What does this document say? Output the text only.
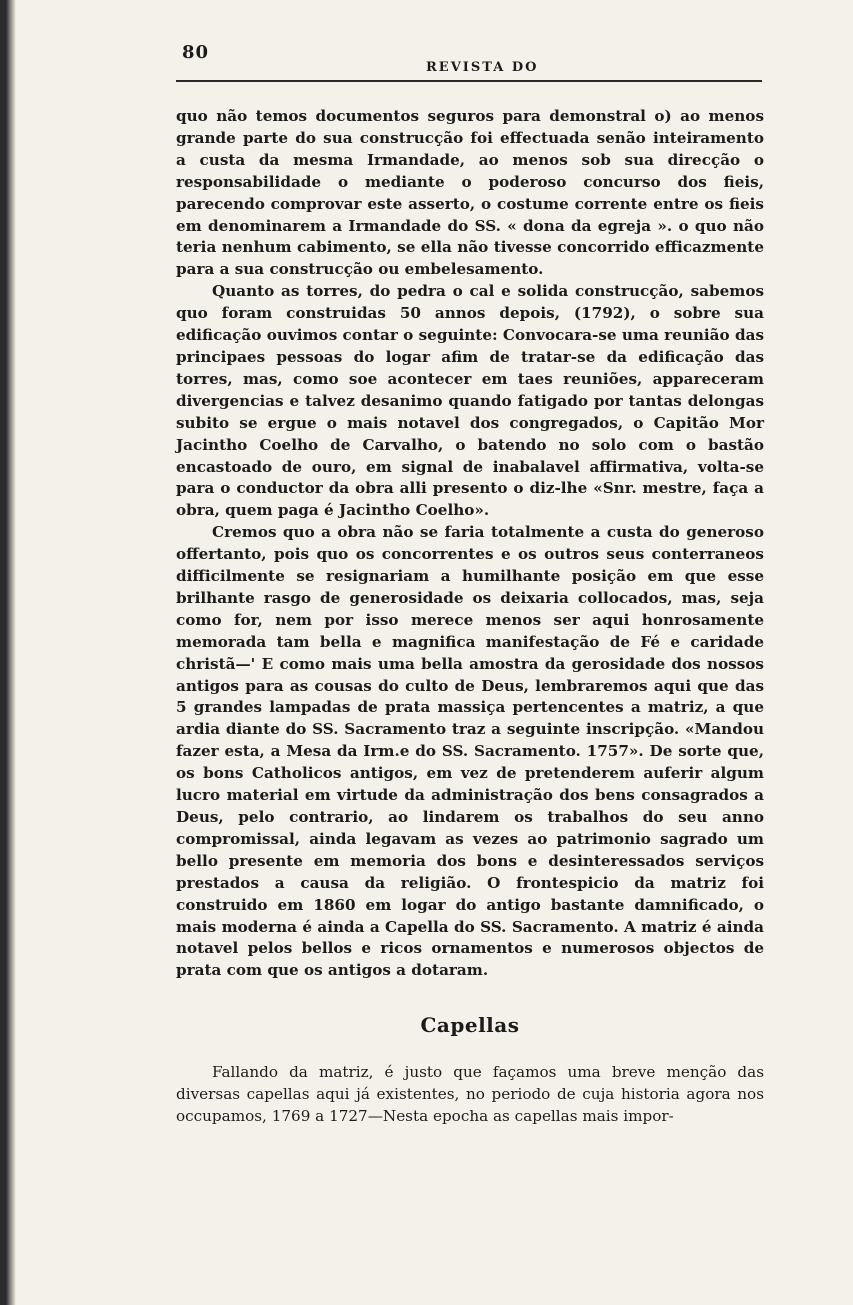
80
REVISTA DO

quo não temos documentos seguros para demonstral o) ao menos grande parte do sua construcção foi effectuada senão inteiramento a custa da mesma Irmandade, ao menos sob sua direcção o responsabilidade o mediante o poderoso concurso dos fieis, parecendo comprovar este asserto, o costume corrente entre os fieis em denominarem a Irmandade do SS. « dona da egreja ». o quo não teria nenhum cabimento, se ella não tivesse concorrido efficazmente para a sua construcção ou embelesamento.

Quanto as torres, do pedra o cal e solida construcção, sabemos quo foram construidas 50 annos depois, (1792), o sobre sua edificação ouvimos contar o seguinte: Convocara-se uma reunião das principaes pessoas do logar afim de tratar-se da edificação das torres, mas, como soe acontecer em taes reuniões, appareceram divergencias e talvez desanimo quando fatigado por tantas delongas subito se ergue o mais notavel dos congregados, o Capitão Mor Jacintho Coelho de Carvalho, o batendo no solo com o bastão encastoado de ouro, em signal de inabalavel affirmativa, volta-se para o conductor da obra alli presento o diz-lhe «Snr. mestre, faça a obra, quem paga é Jacintho Coelho».

Cremos quo a obra não se faria totalmente a custa do generoso offertanto, pois quo os concorrentes e os outros seus conterraneos difficilmente se resignariam a humilhante posição em que esse brilhante rasgo de generosidade os deixaria collocados, mas, seja como for, nem por isso merece menos ser aqui honrosamente memorada tam bella e magnifica manifestação de Fé e caridade christã—' E como mais uma bella amostra da gerosidade dos nossos antigos para as cousas do culto de Deus, lembraremos aqui que das 5 grandes lampadas de prata massiça pertencentes a matriz, a que ardia diante do SS. Sacramento traz a seguinte inscripção. «Mandou fazer esta, a Mesa da Irm.e do SS. Sacramento. 1757». De sorte que, os bons Catholicos antigos, em vez de pretenderem auferir algum lucro material em virtude da administração dos bens consagrados a Deus, pelo contrario, ao lindarem os trabalhos do seu anno compromissal, ainda legavam as vezes ao patrimonio sagrado um bello presente em memoria dos bons e desinteressados serviços prestados a causa da religião. O frontespicio da matriz foi construido em 1860 em logar do antigo bastante damnificado, o mais moderna é ainda a Capella do SS. Sacramento. A matriz é ainda notavel pelos bellos e ricos ornamentos e numerosos objectos de prata com que os antigos a dotaram.

Capellas

Fallando da matriz, é justo que façamos uma breve menção das diversas capellas aqui já existentes, no periodo de cuja historia agora nos occupamos, 1769 a 1727—Nesta epocha as capellas mais impor-
